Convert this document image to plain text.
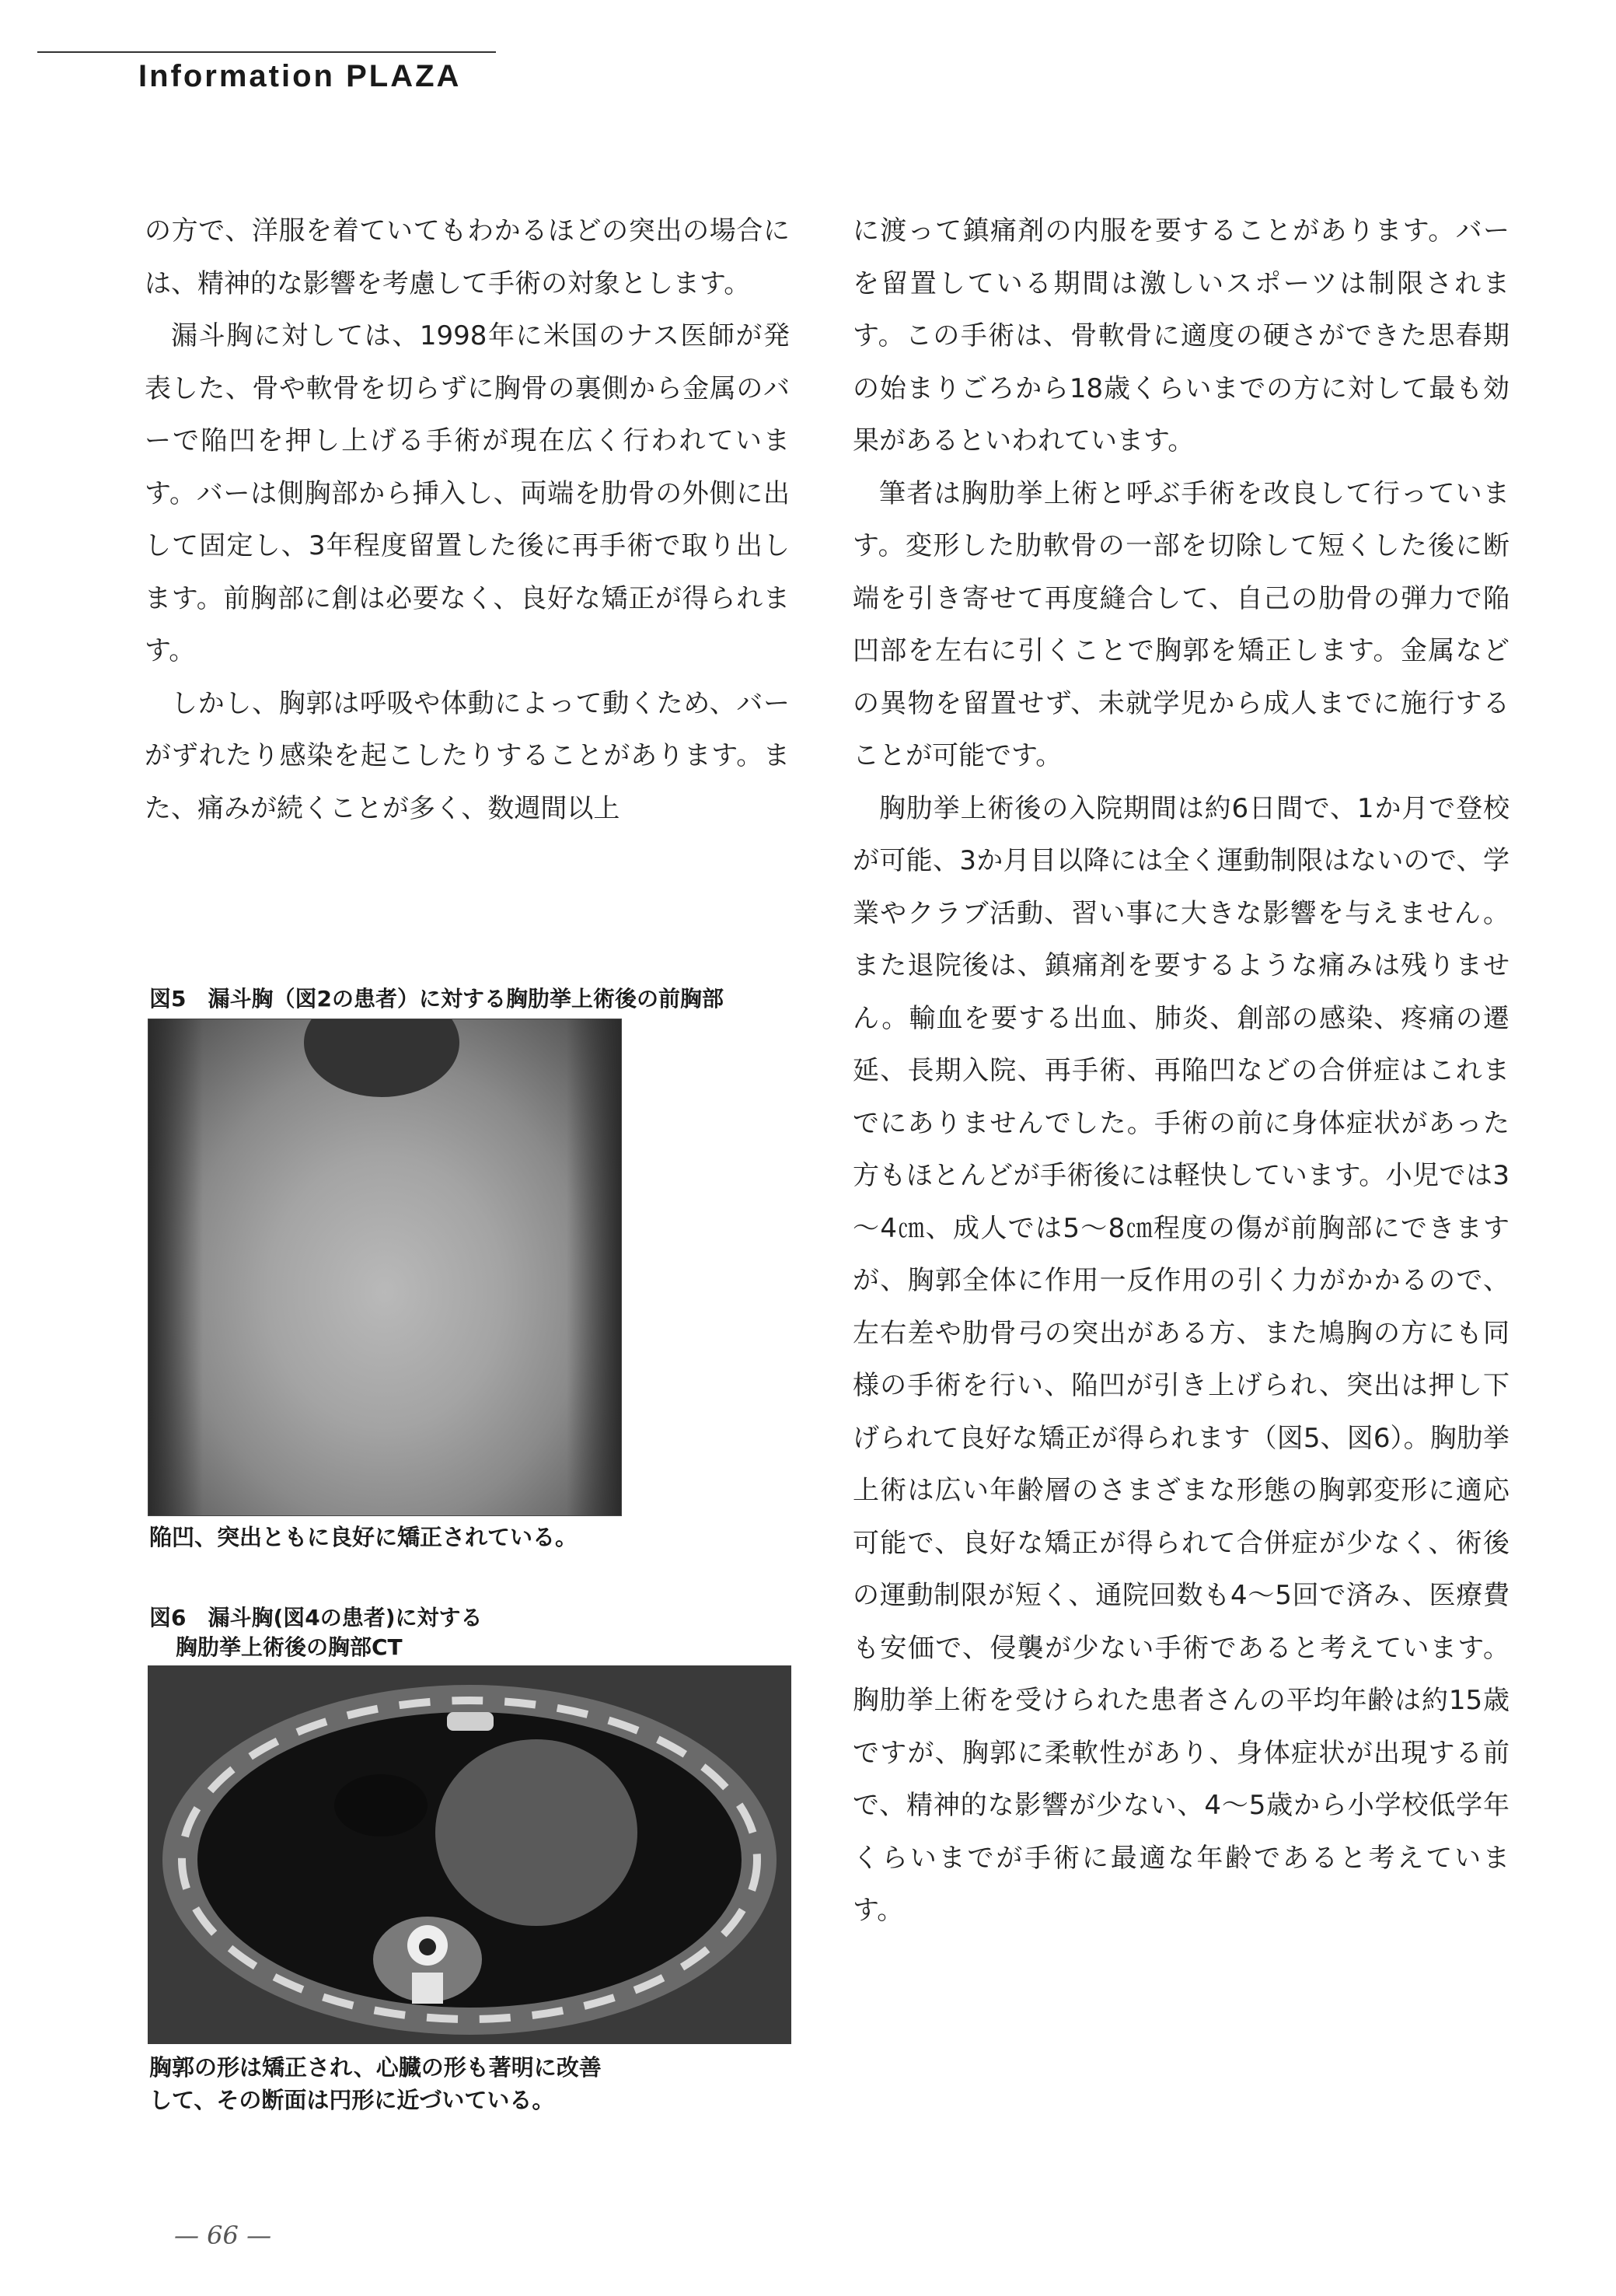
Information PLAZA

の方で、洋服を着ていてもわかるほどの突出の場合には、精神的な影響を考慮して手術の対象とします。

漏斗胸に対しては、1998年に米国のナス医師が発表した、骨や軟骨を切らずに胸骨の裏側から金属のバーで陥凹を押し上げる手術が現在広く行われています。バーは側胸部から挿入し、両端を肋骨の外側に出して固定し、3年程度留置した後に再手術で取り出します。前胸部に創は必要なく、良好な矯正が得られます。

しかし、胸郭は呼吸や体動によって動くため、バーがずれたり感染を起こしたりすることがあります。また、痛みが続くことが多く、数週間以上

に渡って鎮痛剤の内服を要することがあります。バーを留置している期間は激しいスポーツは制限されます。この手術は、骨軟骨に適度の硬さができた思春期の始まりごろから18歳くらいまでの方に対して最も効果があるといわれています。

筆者は胸肋挙上術と呼ぶ手術を改良して行っています。変形した肋軟骨の一部を切除して短くした後に断端を引き寄せて再度縫合して、自己の肋骨の弾力で陥凹部を左右に引くことで胸郭を矯正します。金属などの異物を留置せず、未就学児から成人までに施行することが可能です。

胸肋挙上術後の入院期間は約6日間で、1か月で登校が可能、3か月目以降には全く運動制限はないので、学業やクラブ活動、習い事に大きな影響を与えません。また退院後は、鎮痛剤を要するような痛みは残りません。輸血を要する出血、肺炎、創部の感染、疼痛の遷延、長期入院、再手術、再陥凹などの合併症はこれまでにありませんでした。手術の前に身体症状があった方もほとんどが手術後には軽快しています。小児では3～4㎝、成人では5～8㎝程度の傷が前胸部にできますが、胸郭全体に作用一反作用の引く力がかかるので、左右差や肋骨弓の突出がある方、また鳩胸の方にも同様の手術を行い、陥凹が引き上げられ、突出は押し下げられて良好な矯正が得られます（図5、図6）。胸肋挙上術は広い年齢層のさまざまな形態の胸郭変形に適応可能で、良好な矯正が得られて合併症が少なく、術後の運動制限が短く、通院回数も4～5回で済み、医療費も安価で、侵襲が少ない手術であると考えています。胸肋挙上術を受けられた患者さんの平均年齢は約15歳ですが、胸郭に柔軟性があり、身体症状が出現する前で、精神的な影響が少ない、4～5歳から小学校低学年くらいまでが手術に最適な年齢であると考えています。

図5　漏斗胸（図2の患者）に対する胸肋挙上術後の前胸部
陥凹、突出ともに良好に矯正されている。
図6　漏斗胸(図4の患者)に対する
胸肋挙上術後の胸部CT
胸郭の形は矯正され、心臓の形も著明に改善
して、その断面は円形に近づいている。
— 66 —
